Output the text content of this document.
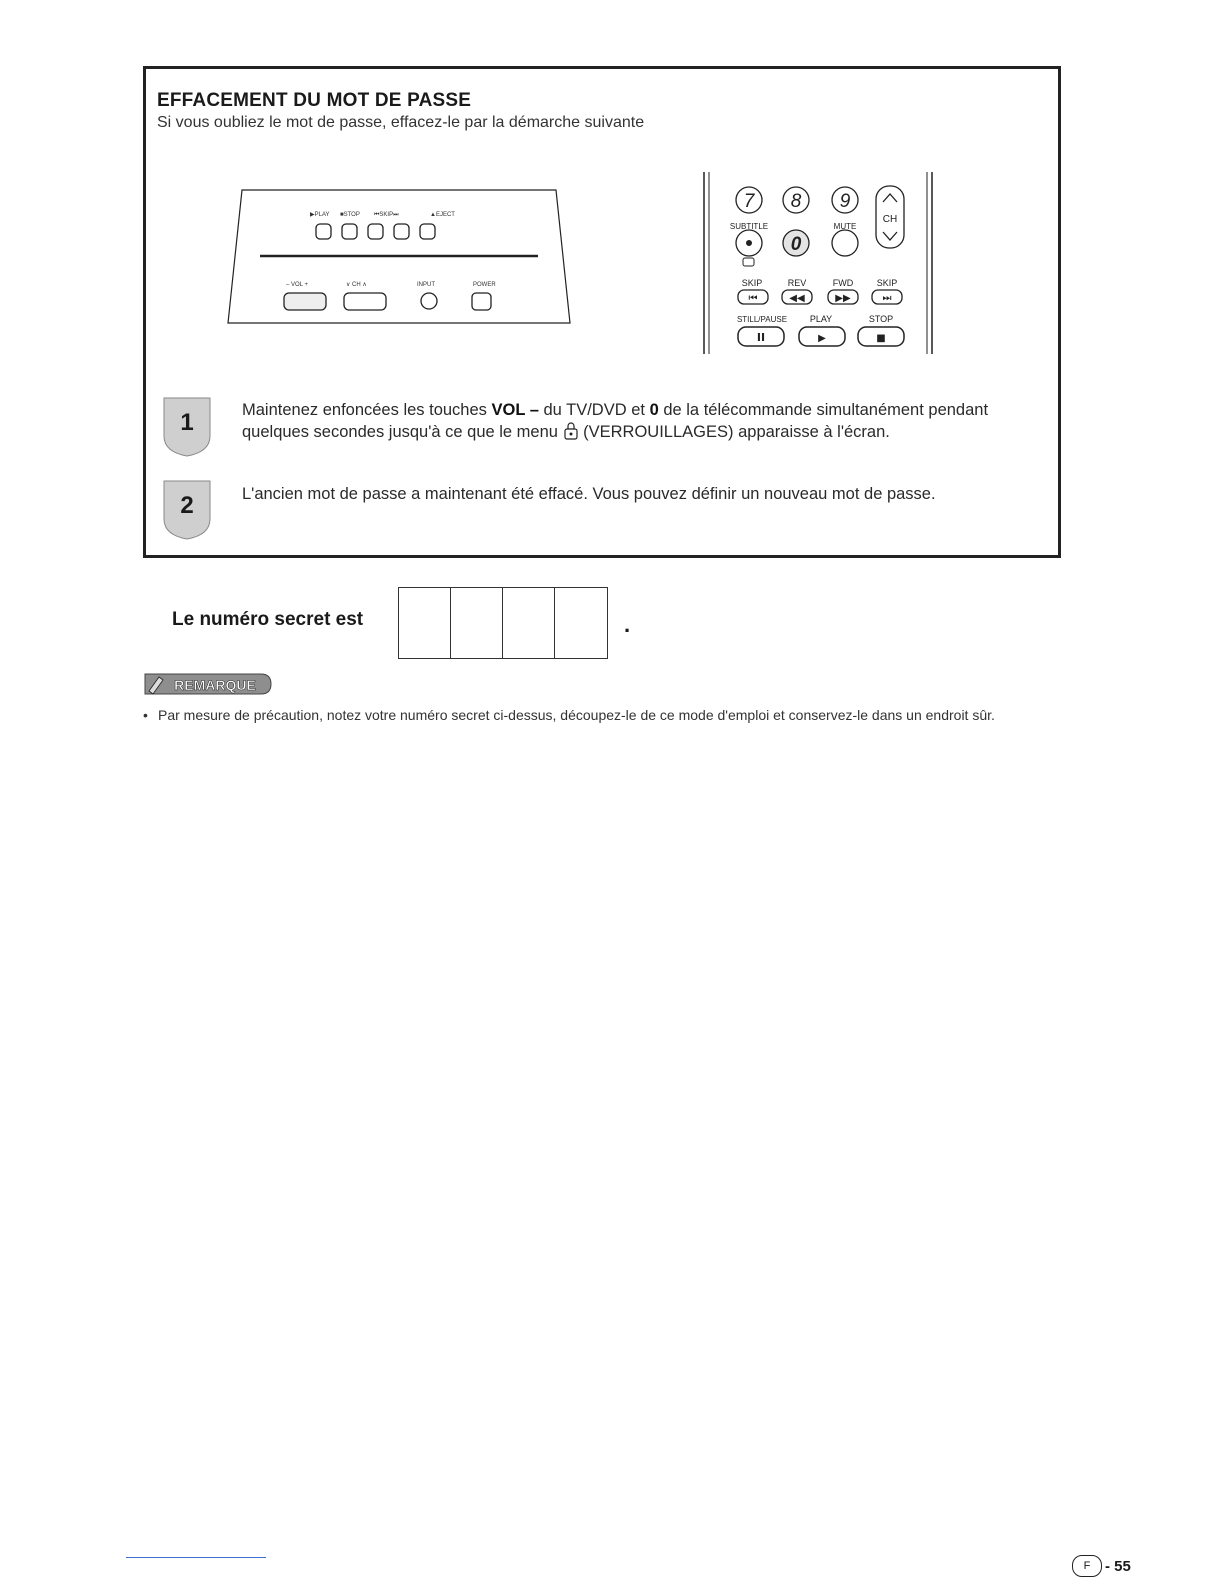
EFFACEMENT DU MOT DE PASSE
Si vous oubliez le mot de passe, effacez-le par la démarche suivante
▶PLAY ■STOP ⏮SKIP⏭	▲EJECT
– VOL +	∨ CH ∧	INPUT	POWER
7 8 9
CH
SUBTITLE	MUTE
0
SKIP	REV	FWD	SKIP
⏮	◀◀	▶▶	⏭
STILL/PAUSE	PLAY	STOP
II	▶	■
1	Maintenez enfoncées les touches VOL – du TV/DVD et 0 de la télécommande simultanément pendant quelques secondes jusqu'à ce que le menu  (VERROUILLAGES) apparaisse à l'écran.
2	L'ancien mot de passe a maintenant été effacé. Vous pouvez définir un nouveau mot de passe.
Le numéro secret est	.
REMARQUE
• Par mesure de précaution, notez votre numéro secret ci-dessus, découpez-le de ce mode d'emploi et conservez-le dans un endroit sûr.
F - 55
